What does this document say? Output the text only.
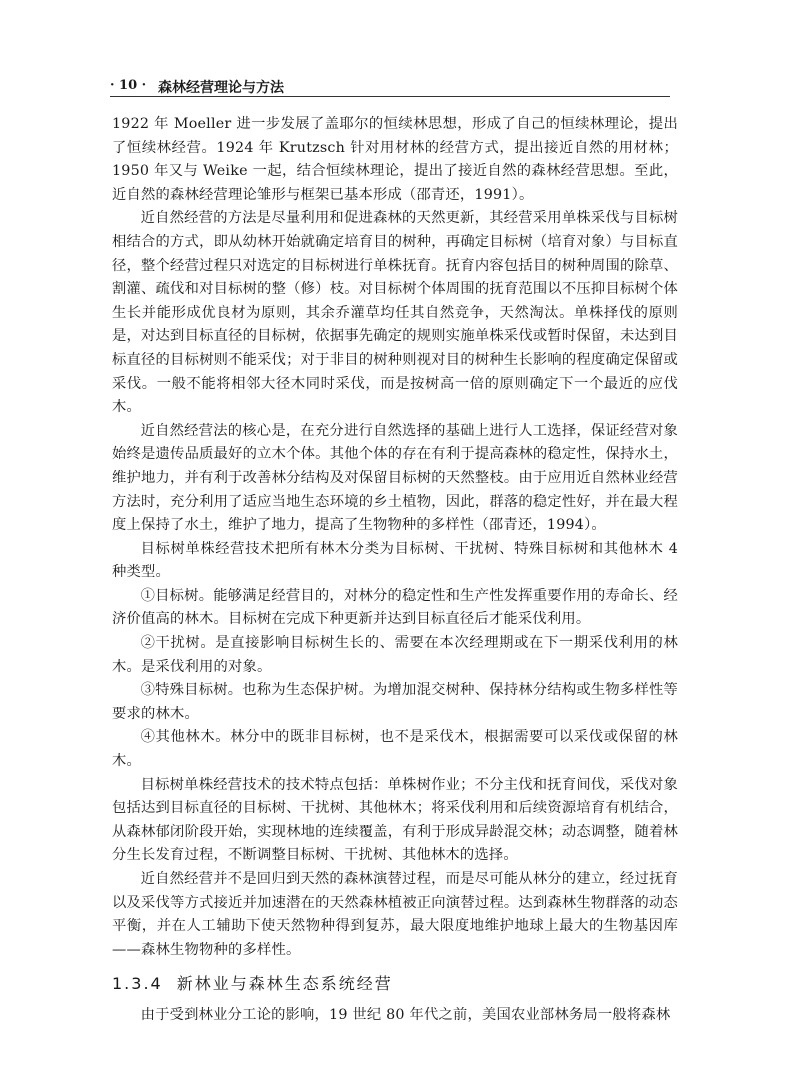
· 10 · 森林经营理论与方法

1922 年 Moeller 进一步发展了盖耶尔的恒续林思想，形成了自己的恒续林理论，提出了恒续林经营。1924 年 Krutzsch 针对用材林的经营方式，提出接近自然的用材林；1950 年又与 Weike 一起，结合恒续林理论，提出了接近自然的森林经营思想。至此，近自然的森林经营理论雏形与框架已基本形成（邵青还，1991）。

近自然经营的方法是尽量利用和促进森林的天然更新，其经营采用单株采伐与目标树相结合的方式，即从幼林开始就确定培育目的树种，再确定目标树（培育对象）与目标直径，整个经营过程只对选定的目标树进行单株抚育。抚育内容包括目的树种周围的除草、割灌、疏伐和对目标树的整（修）枝。对目标树个体周围的抚育范围以不压抑目标树个体生长并能形成优良材为原则，其余乔灌草均任其自然竞争，天然淘汰。单株择伐的原则是，对达到目标直径的目标树，依据事先确定的规则实施单株采伐或暂时保留，未达到目标直径的目标树则不能采伐；对于非目的树种则视对目的树种生长影响的程度确定保留或采伐。一般不能将相邻大径木同时采伐，而是按树高一倍的原则确定下一个最近的应伐木。

近自然经营法的核心是，在充分进行自然选择的基础上进行人工选择，保证经营对象始终是遗传品质最好的立木个体。其他个体的存在有利于提高森林的稳定性，保持水土，维护地力，并有利于改善林分结构及对保留目标树的天然整枝。由于应用近自然林业经营方法时，充分利用了适应当地生态环境的乡土植物，因此，群落的稳定性好，并在最大程度上保持了水土，维护了地力，提高了生物物种的多样性（邵青还，1994）。

目标树单株经营技术把所有林木分类为目标树、干扰树、特殊目标树和其他林木 4 种类型。

①目标树。能够满足经营目的，对林分的稳定性和生产性发挥重要作用的寿命长、经济价值高的林木。目标树在完成下种更新并达到目标直径后才能采伐利用。

②干扰树。是直接影响目标树生长的、需要在本次经理期或在下一期采伐利用的林木。是采伐利用的对象。

③特殊目标树。也称为生态保护树。为增加混交树种、保持林分结构或生物多样性等要求的林木。

④其他林木。林分中的既非目标树，也不是采伐木，根据需要可以采伐或保留的林木。

目标树单株经营技术的技术特点包括：单株树作业；不分主伐和抚育间伐，采伐对象包括达到目标直径的目标树、干扰树、其他林木；将采伐利用和后续资源培育有机结合，从森林郁闭阶段开始，实现林地的连续覆盖，有利于形成异龄混交林；动态调整，随着林分生长发育过程，不断调整目标树、干扰树、其他林木的选择。

近自然经营并不是回归到天然的森林演替过程，而是尽可能从林分的建立，经过抚育以及采伐等方式接近并加速潜在的天然森林植被正向演替过程。达到森林生物群落的动态平衡，并在人工辅助下使天然物种得到复苏，最大限度地维护地球上最大的生物基因库——森林生物物种的多样性。

1.3.4 新林业与森林生态系统经营

由于受到林业分工论的影响，19 世纪 80 年代之前，美国农业部林务局一般将森林
